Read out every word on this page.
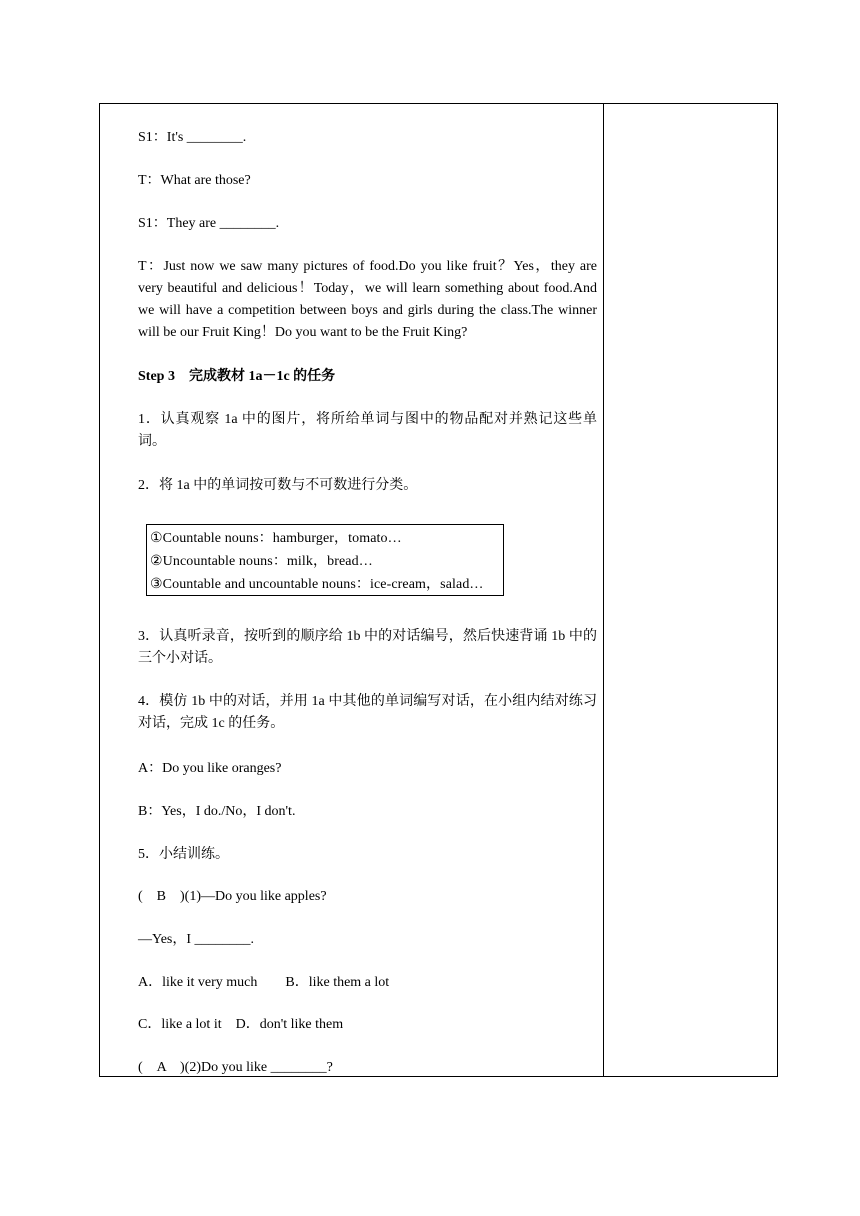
S1：It's ________.

T：What are those?

S1：They are ________.

T：Just now we saw many pictures of food.Do you like fruit？Yes，they are very beautiful and delicious！Today，we will learn something about food.And we will have a competition between boys and girls during the class.The winner will be our Fruit King！Do you want to be the Fruit King?

Step 3　完成教材 1a－1c 的任务

1．认真观察 1a 中的图片，将所给单词与图中的物品配对并熟记这些单词。

2．将 1a 中的单词按可数与不可数进行分类。

①Countable nouns：hamburger，tomato…
②Uncountable nouns：milk，bread…
③Countable and uncountable nouns：ice-cream，salad…

3．认真听录音，按听到的顺序给 1b 中的对话编号，然后快速背诵 1b 中的三个小对话。

4．模仿 1b 中的对话，并用 1a 中其他的单词编写对话，在小组内结对练习对话，完成 1c 的任务。

A：Do you like oranges?

B：Yes，I do./No，I don't.

5．小结训练。

(　B　)(1)—Do you like apples?

—Yes，I ________.

A．like it very much　　B．like them a lot

C．like a lot it　D．don't like them

(　A　)(2)Do you like ________?
